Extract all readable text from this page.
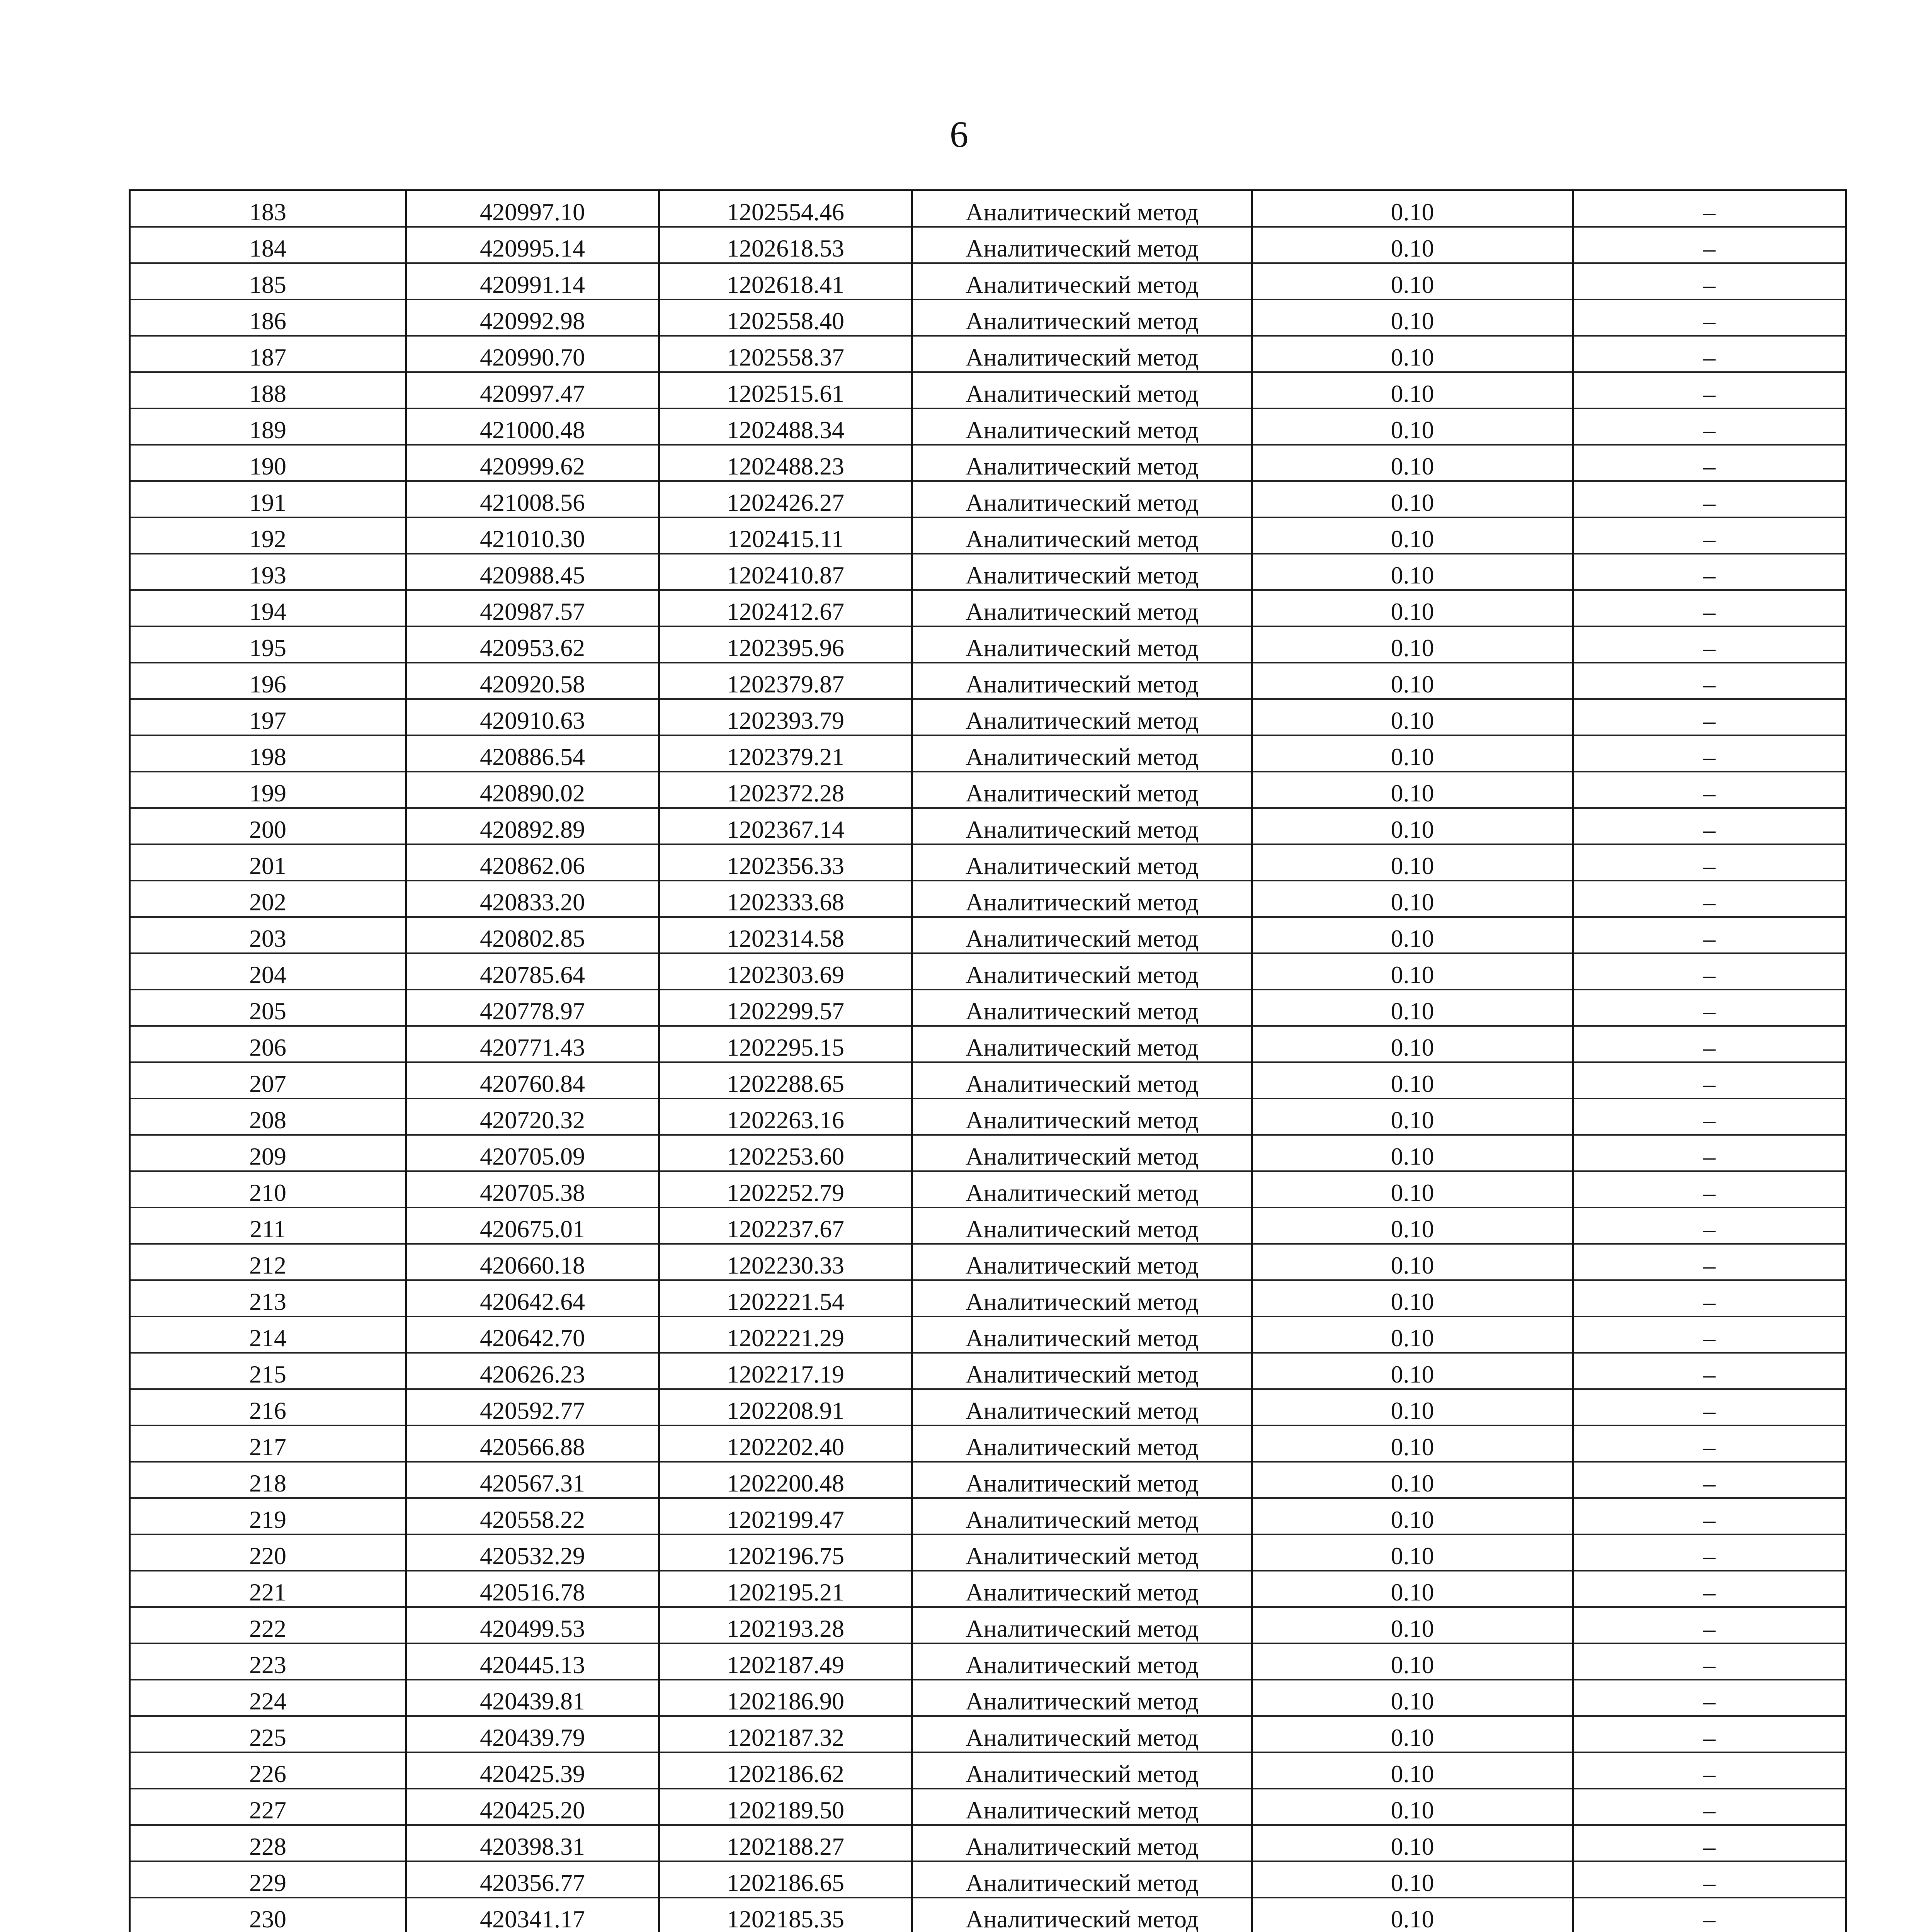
6
183	420997.10	1202554.46	Аналитический метод	0.10	–
184	420995.14	1202618.53	Аналитический метод	0.10	–
185	420991.14	1202618.41	Аналитический метод	0.10	–
186	420992.98	1202558.40	Аналитический метод	0.10	–
187	420990.70	1202558.37	Аналитический метод	0.10	–
188	420997.47	1202515.61	Аналитический метод	0.10	–
189	421000.48	1202488.34	Аналитический метод	0.10	–
190	420999.62	1202488.23	Аналитический метод	0.10	–
191	421008.56	1202426.27	Аналитический метод	0.10	–
192	421010.30	1202415.11	Аналитический метод	0.10	–
193	420988.45	1202410.87	Аналитический метод	0.10	–
194	420987.57	1202412.67	Аналитический метод	0.10	–
195	420953.62	1202395.96	Аналитический метод	0.10	–
196	420920.58	1202379.87	Аналитический метод	0.10	–
197	420910.63	1202393.79	Аналитический метод	0.10	–
198	420886.54	1202379.21	Аналитический метод	0.10	–
199	420890.02	1202372.28	Аналитический метод	0.10	–
200	420892.89	1202367.14	Аналитический метод	0.10	–
201	420862.06	1202356.33	Аналитический метод	0.10	–
202	420833.20	1202333.68	Аналитический метод	0.10	–
203	420802.85	1202314.58	Аналитический метод	0.10	–
204	420785.64	1202303.69	Аналитический метод	0.10	–
205	420778.97	1202299.57	Аналитический метод	0.10	–
206	420771.43	1202295.15	Аналитический метод	0.10	–
207	420760.84	1202288.65	Аналитический метод	0.10	–
208	420720.32	1202263.16	Аналитический метод	0.10	–
209	420705.09	1202253.60	Аналитический метод	0.10	–
210	420705.38	1202252.79	Аналитический метод	0.10	–
211	420675.01	1202237.67	Аналитический метод	0.10	–
212	420660.18	1202230.33	Аналитический метод	0.10	–
213	420642.64	1202221.54	Аналитический метод	0.10	–
214	420642.70	1202221.29	Аналитический метод	0.10	–
215	420626.23	1202217.19	Аналитический метод	0.10	–
216	420592.77	1202208.91	Аналитический метод	0.10	–
217	420566.88	1202202.40	Аналитический метод	0.10	–
218	420567.31	1202200.48	Аналитический метод	0.10	–
219	420558.22	1202199.47	Аналитический метод	0.10	–
220	420532.29	1202196.75	Аналитический метод	0.10	–
221	420516.78	1202195.21	Аналитический метод	0.10	–
222	420499.53	1202193.28	Аналитический метод	0.10	–
223	420445.13	1202187.49	Аналитический метод	0.10	–
224	420439.81	1202186.90	Аналитический метод	0.10	–
225	420439.79	1202187.32	Аналитический метод	0.10	–
226	420425.39	1202186.62	Аналитический метод	0.10	–
227	420425.20	1202189.50	Аналитический метод	0.10	–
228	420398.31	1202188.27	Аналитический метод	0.10	–
229	420356.77	1202186.65	Аналитический метод	0.10	–
230	420341.17	1202185.35	Аналитический метод	0.10	–
